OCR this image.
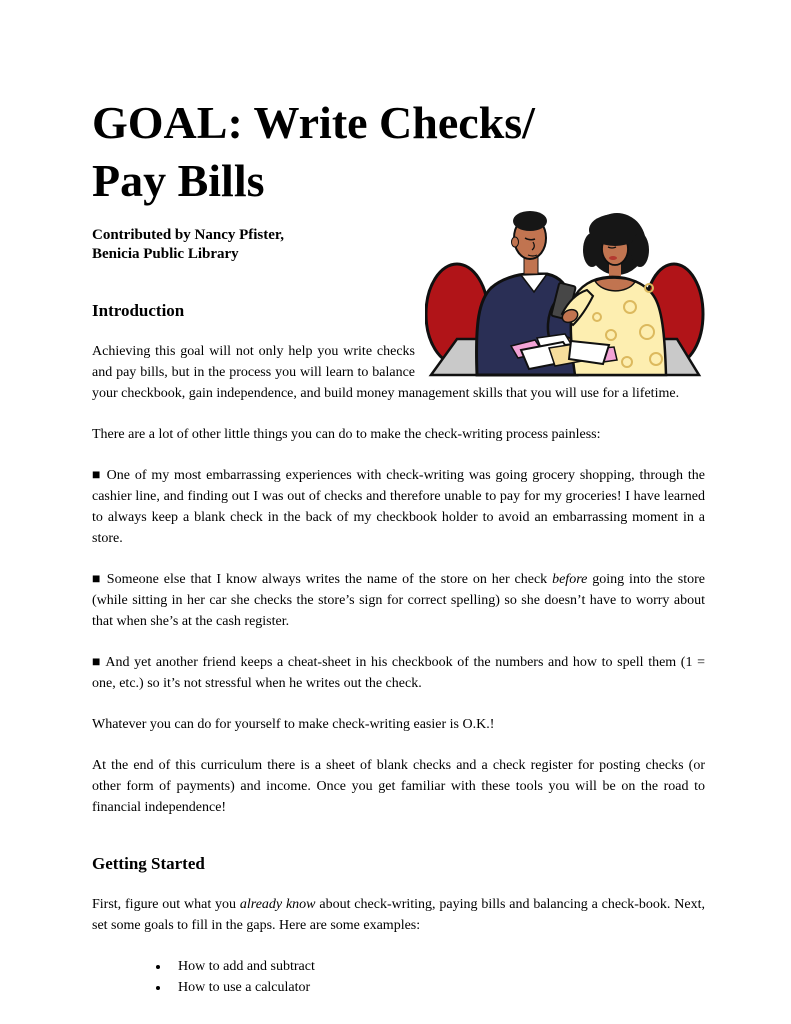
GOAL: Write Checks/
Pay Bills

Contributed by Nancy Pfister,
Benicia Public Library

Introduction

Achieving this goal will not only help you write checks and pay bills, but in the process you will learn to balance your checkbook, gain independence, and build money management skills that you will use for a lifetime.

There are a lot of other little things you can do to make the check-writing process painless:

■ One of my most embarrassing experiences with check-writing was going grocery shopping, through the cashier line, and finding out I was out of checks and therefore unable to pay for my groceries! I have learned to always keep a blank check in the back of my checkbook holder to avoid an embarrassing moment in a store.

■ Someone else that I know always writes the name of the store on her check before going into the store (while sitting in her car she checks the store’s sign for correct spelling) so she doesn’t have to worry about that when she’s at the cash register.

■ And yet another friend keeps a cheat-sheet in his checkbook of the numbers and how to spell them (1 = one, etc.) so it’s not stressful when he writes out the check.

Whatever you can do for yourself to make check-writing easier is O.K.!

At the end of this curriculum there is a sheet of blank checks and a check register for posting checks (or other form of payments) and income. Once you get familiar with these tools you will be on the road to financial independence!

Getting Started

First, figure out what you already know about check-writing, paying bills and balancing a check-book. Next, set some goals to fill in the gaps. Here are some examples:

• How to add and subtract
• How to use a calculator
